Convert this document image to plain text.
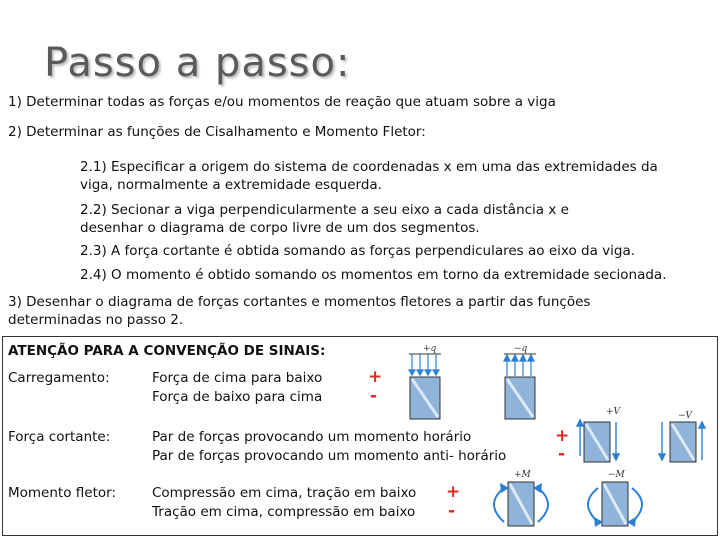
Passo a passo:
1) Determinar todas as forças e/ou momentos de reação que atuam sobre a viga
2) Determinar as funções de Cisalhamento e Momento Fletor:
2.1) Especificar a origem do sistema de coordenadas x em uma das extremidades da
viga, normalmente a extremidade esquerda.
2.2) Secionar a viga perpendicularmente a seu eixo a cada distância x e
desenhar o diagrama de corpo livre de um dos segmentos.
2.3) A força cortante é obtida somando as forças perpendiculares ao eixo da viga.
2.4) O momento é obtido somando os momentos em torno da extremidade secionada.
3) Desenhar o diagrama de forças cortantes e momentos fletores a partir das funções
determinadas no passo 2.
ATENÇÃO PARA A CONVENÇÃO DE SINAIS:
Carregamento:	Força de cima para baixo
Força de baixo para cima
+
-
+q	−q
Força cortante:	Par de forças provocando um momento horário
Par de forças provocando um momento anti- horário
+
-
+V	−V
Momento fletor:	Compressão em cima, tração em baixo
Tração em cima, compressão em baixo
+
-
+M	−M
